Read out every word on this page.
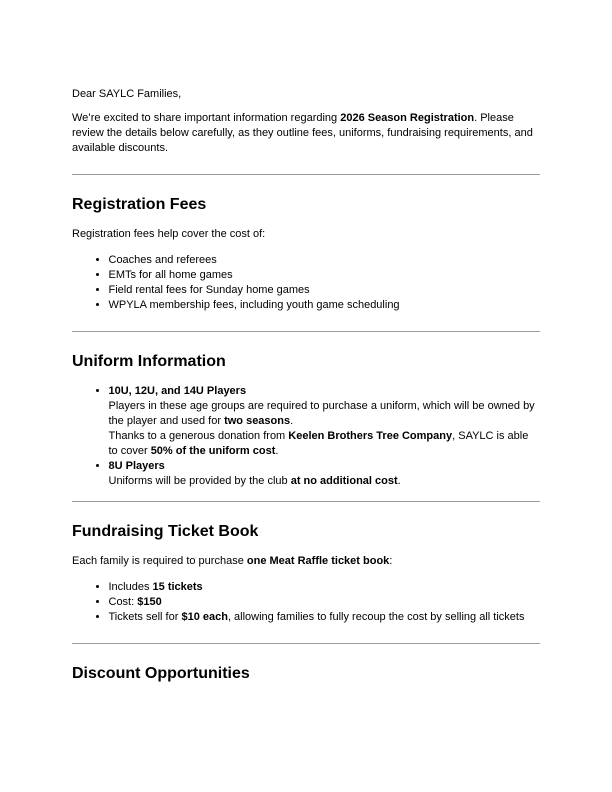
Dear SAYLC Families,

We’re excited to share important information regarding 2026 Season Registration. Please review the details below carefully, as they outline fees, uniforms, fundraising requirements, and available discounts.

Registration Fees

Registration fees help cover the cost of:

• Coaches and referees
• EMTs for all home games
• Field rental fees for Sunday home games
• WPYLA membership fees, including youth game scheduling
Uniform Information
• 10U, 12U, and 14U Players
Players in these age groups are required to purchase a uniform, which will be owned by the player and used for two seasons.
Thanks to a generous donation from Keelen Brothers Tree Company, SAYLC is able to cover 50% of the uniform cost.
• 8U Players
Uniforms will be provided by the club at no additional cost.
Fundraising Ticket Book

Each family is required to purchase one Meat Raffle ticket book:

• Includes 15 tickets
• Cost: $150
• Tickets sell for $10 each, allowing families to fully recoup the cost by selling all tickets
Discount Opportunities
